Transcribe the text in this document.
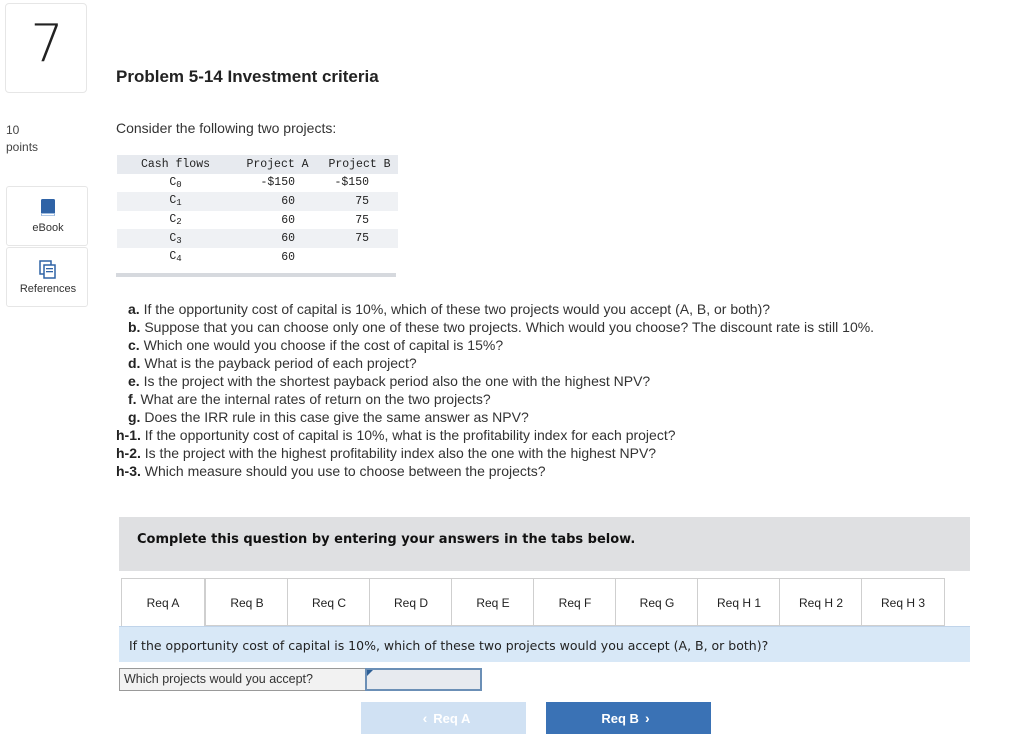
7
10
points
eBook
References
Problem 5-14 Investment criteria
Consider the following two projects:
Cash flows	Project A	Project B
$C_0$	-$150	-$150
$C_1$	60	75
$C_2$	60	75
$C_3$	60	75
$C_4$	60	
a. If the opportunity cost of capital is 10%, which of these two projects would you accept (A, B, or both)?
b. Suppose that you can choose only one of these two projects. Which would you choose? The discount rate is still 10%.
c. Which one would you choose if the cost of capital is 15%?
d. What is the payback period of each project?
e. Is the project with the shortest payback period also the one with the highest NPV?
f. What are the internal rates of return on the two projects?
g. Does the IRR rule in this case give the same answer as NPV?
h-1. If the opportunity cost of capital is 10%, what is the profitability index for each project?
h-2. Is the project with the highest profitability index also the one with the highest NPV?
h-3. Which measure should you use to choose between the projects?
Complete this question by entering your answers in the tabs below.
Req A	Req B	Req C	Req D	Req E	Req F	Req G	Req H 1	Req H 2	Req H 3
If the opportunity cost of capital is 10%, which of these two projects would you accept (A, B, or both)?
Which projects would you accept?
‹ Req A	Req B ›
